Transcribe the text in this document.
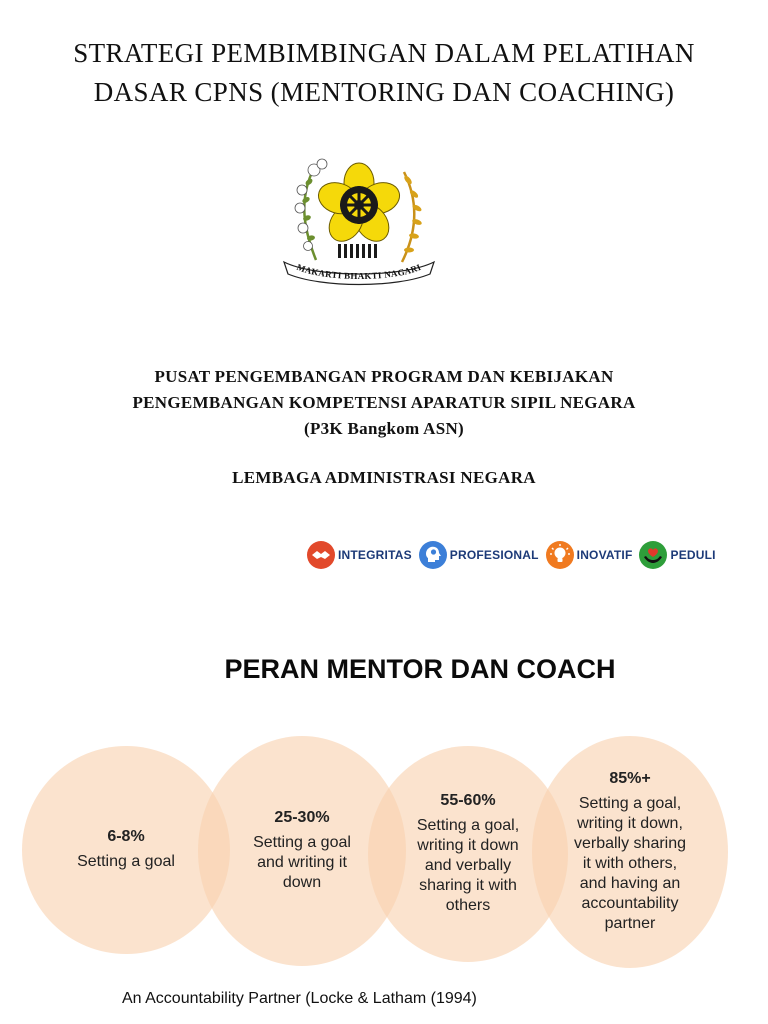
STRATEGI PEMBIMBINGAN DALAM PELATIHAN
DASAR CPNS (MENTORING DAN COACHING)
MAKARTI BHAKTI NAGARI
PUSAT PENGEMBANGAN PROGRAM DAN KEBIJAKAN
PENGEMBANGAN KOMPETENSI APARATUR SIPIL NEGARA
(P3K Bangkom ASN)
LEMBAGA ADMINISTRASI NEGARA
INTEGRITAS	PROFESIONAL	INOVATIF	PEDULI
PERAN MENTOR DAN COACH
6-8%
Setting a goal
25-30%
Setting a goal
and writing it
down
55-60%
Setting a goal,
writing it down
and verbally
sharing it with
others
85%+
Setting a goal,
writing it down,
verbally sharing
it with others,
and having an
accountability
partner
An Accountability Partner (Locke & Latham (1994)
